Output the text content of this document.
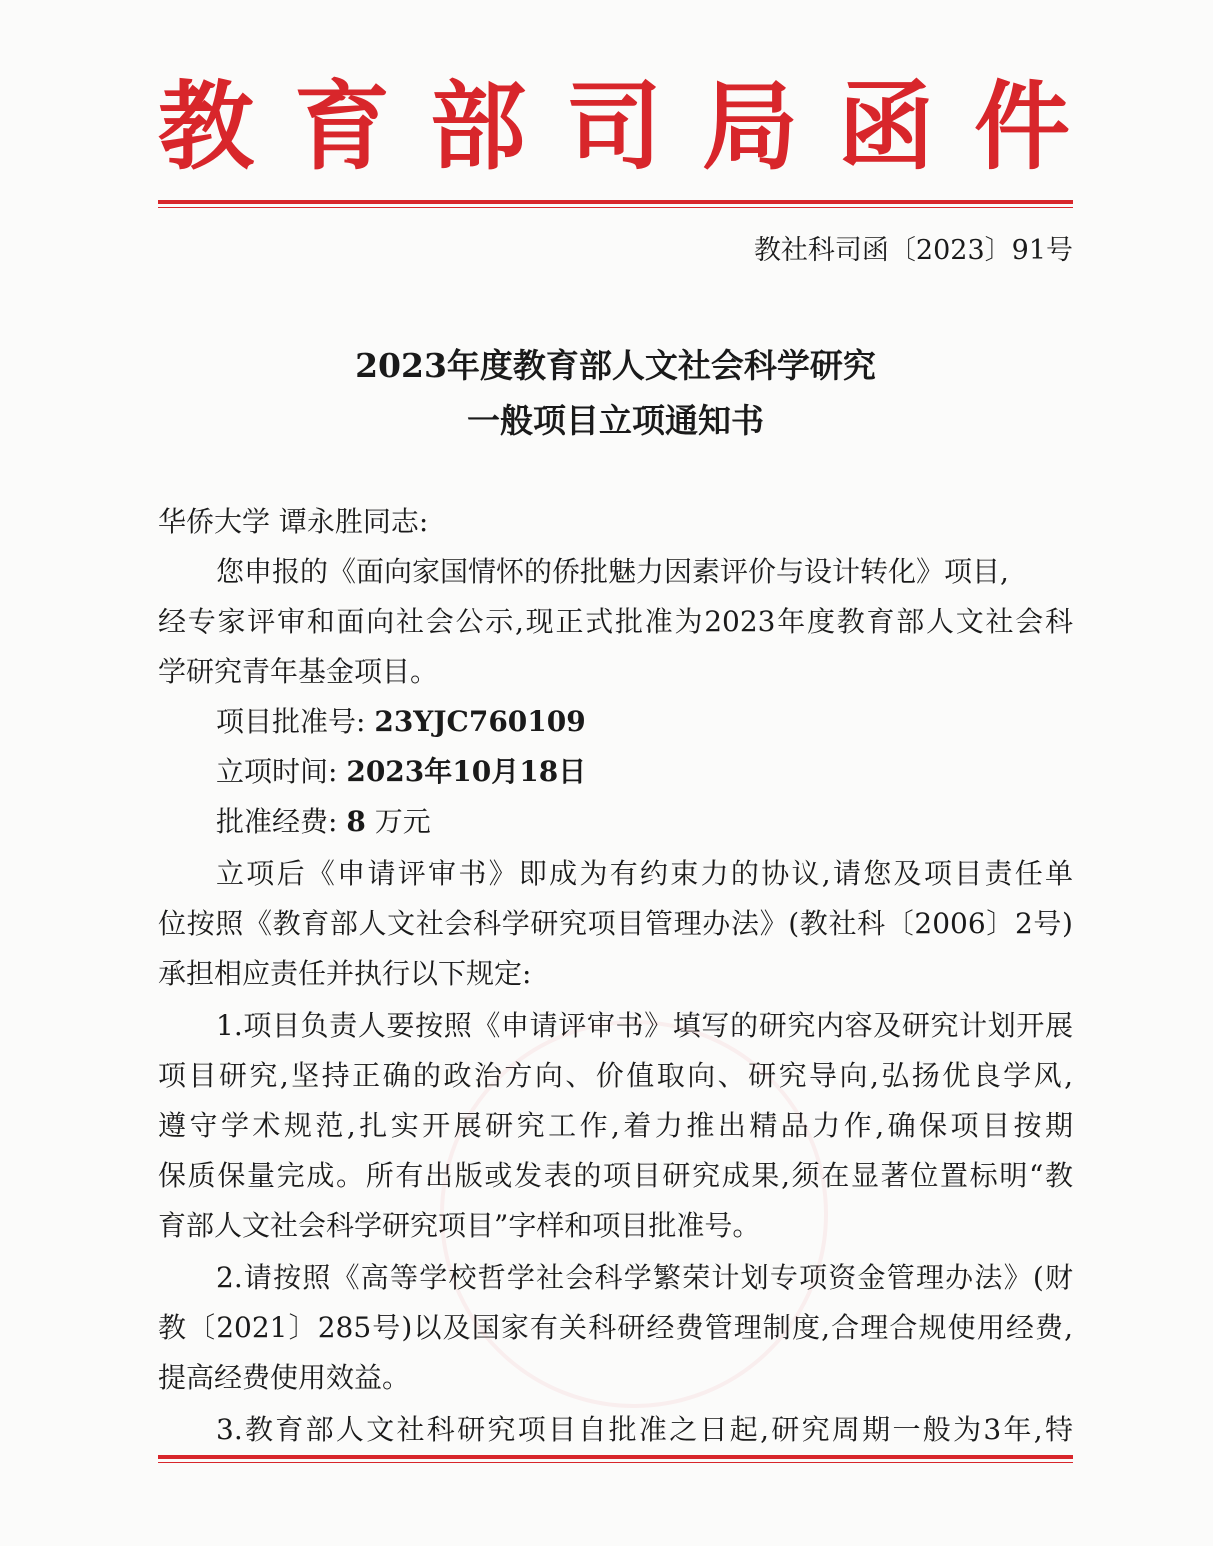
教育部司局函件
教社科司函〔2023〕91号
2023年度教育部人文社会科学研究
一般项目立项通知书
华侨大学 谭永胜同志:
您申报的《面向家国情怀的侨批魅力因素评价与设计转化》项目,
经专家评审和面向社会公示,现正式批准为2023年度教育部人文社会科
学研究青年基金项目。
项目批准号: 23YJC760109
立项时间: 2023年10月18日
批准经费: 8 万元
立项后《申请评审书》即成为有约束力的协议,请您及项目责任单
位按照《教育部人文社会科学研究项目管理办法》(教社科〔2006〕2号)
承担相应责任并执行以下规定:
1.项目负责人要按照《申请评审书》填写的研究内容及研究计划开展
项目研究,坚持正确的政治方向、价值取向、研究导向,弘扬优良学风,
遵守学术规范,扎实开展研究工作,着力推出精品力作,确保项目按期
保质保量完成。所有出版或发表的项目研究成果,须在显著位置标明“教
育部人文社会科学研究项目”字样和项目批准号。
2.请按照《高等学校哲学社会科学繁荣计划专项资金管理办法》(财
教〔2021〕285号)以及国家有关科研经费管理制度,合理合规使用经费,
提高经费使用效益。
3.教育部人文社科研究项目自批准之日起,研究周期一般为3年,特
